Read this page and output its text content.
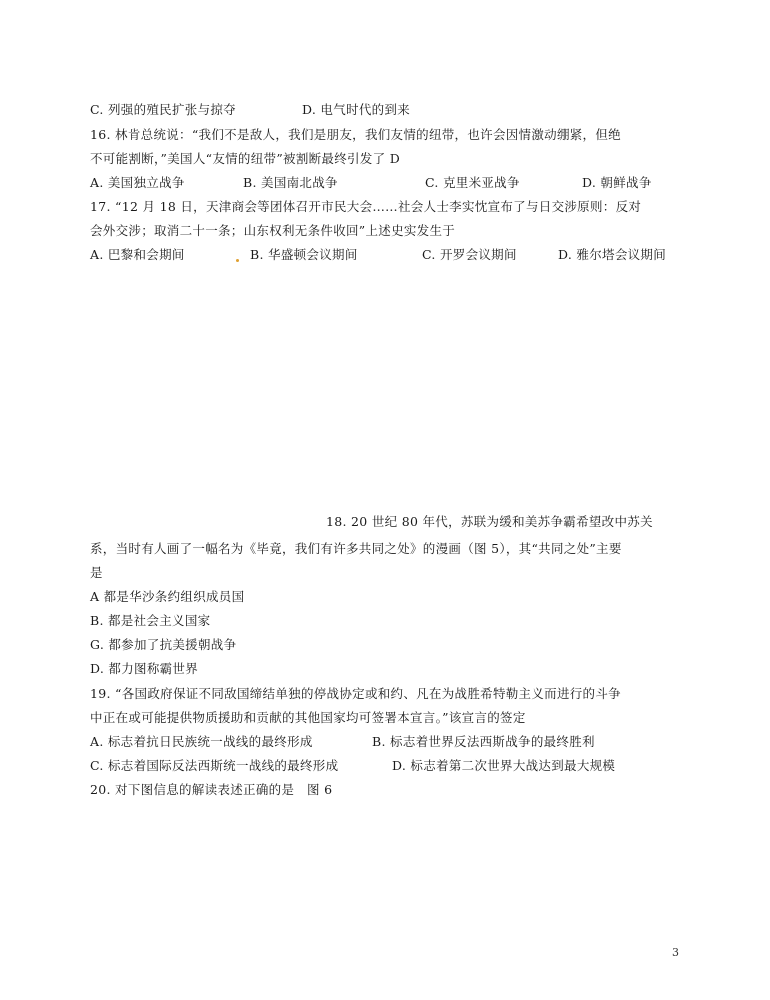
C. 列强的殖民扩张与掠夺	D. 电气时代的到来
16. 林肯总统说：“我们不是敌人，我们是朋友，我们友情的纽带，也许会因情激动绷紧，但绝
不可能割断，”美国人“友情的纽带”被割断最终引发了 D
A. 美国独立战争	B. 美国南北战争	C. 克里米亚战争	D. 朝鲜战争
17. “12 月 18 日，天津商会等团体召开市民大会……社会人士李实忱宣布了与日交涉原则：反对
会外交涉；取消二十一条；山东权利无条件收回”上述史实发生于
A. 巴黎和会期间	B. 华盛顿会议期间	C. 开罗会议期间	D. 雅尔塔会议期间
18. 20 世纪 80 年代，苏联为缓和美苏争霸希望改中苏关
系，当时有人画了一幅名为《毕竟，我们有许多共同之处》的漫画（图 5），其“共同之处”主要
是
A 都是华沙条约组织成员国
B. 都是社会主义国家
G. 都参加了抗美援朝战争
D. 都力图称霸世界
19. “各国政府保证不同敌国缔结单独的停战协定或和约、凡在为战胜希特勒主义而进行的斗争
中正在或可能提供物质援助和贡献的其他国家均可签署本宣言。”该宣言的签定
A. 标志着抗日民族统一战线的最终形成	B. 标志着世界反法西斯战争的最终胜利
C. 标志着国际反法西斯统一战线的最终形成	D. 标志着第二次世界大战达到最大规模
20. 对下图信息的解读表述正确的是　图 6
3
